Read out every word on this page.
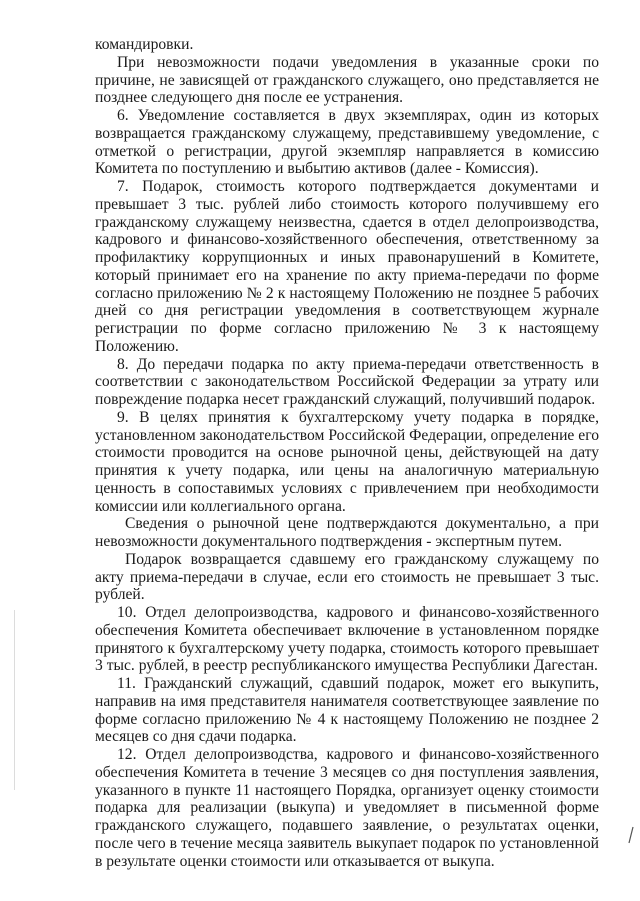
командировки.

При невозможности подачи уведомления в указанные сроки по причине, не зависящей от гражданского служащего, оно представляется не позднее следующего дня после ее устранения.

6. Уведомление составляется в двух экземплярах, один из которых возвращается гражданскому служащему, представившему уведомление, с отметкой о регистрации, другой экземпляр направляется в комиссию Комитета по поступлению и выбытию активов (далее - Комиссия).

7. Подарок, стоимость которого подтверждается документами и превышает 3 тыс. рублей либо стоимость которого получившему его гражданскому служащему неизвестна, сдается в отдел делопроизводства, кадрового и финансово-хозяйственного обеспечения, ответственному за профилактику коррупционных и иных правонарушений в Комитете, который принимает его на хранение по акту приема-передачи по форме согласно приложению № 2 к настоящему Положению не позднее 5 рабочих дней со дня регистрации уведомления в соответствующем журнале регистрации по форме согласно приложению № 3 к настоящему Положению.

8. До передачи подарка по акту приема-передачи ответственность в соответствии с законодательством Российской Федерации за утрату или повреждение подарка несет гражданский служащий, получивший подарок.

9. В целях принятия к бухгалтерскому учету подарка в порядке, установленном законодательством Российской Федерации, определение его стоимости проводится на основе рыночной цены, действующей на дату принятия к учету подарка, или цены на аналогичную материальную ценность в сопоставимых условиях с привлечением при необходимости комиссии или коллегиального органа.

Сведения о рыночной цене подтверждаются документально, а при невозможности документального подтверждения - экспертным путем.

Подарок возвращается сдавшему его гражданскому служащему по акту приема-передачи в случае, если его стоимость не превышает 3 тыс. рублей.

10. Отдел делопроизводства, кадрового и финансово-хозяйственного обеспечения Комитета обеспечивает включение в установленном порядке принятого к бухгалтерскому учету подарка, стоимость которого превышает 3 тыс. рублей, в реестр республиканского имущества Республики Дагестан.

11. Гражданский служащий, сдавший подарок, может его выкупить, направив на имя представителя нанимателя соответствующее заявление по форме согласно приложению № 4 к настоящему Положению не позднее 2 месяцев со дня сдачи подарка.

12. Отдел делопроизводства, кадрового и финансово-хозяйственного обеспечения Комитета в течение 3 месяцев со дня поступления заявления, указанного в пункте 11 настоящего Порядка, организует оценку стоимости подарка для реализации (выкупа) и уведомляет в письменной форме гражданского служащего, подавшего заявление, о результатах оценки, после чего в течение месяца заявитель выкупает подарок по установленной в результате оценки стоимости или отказывается от выкупа.
